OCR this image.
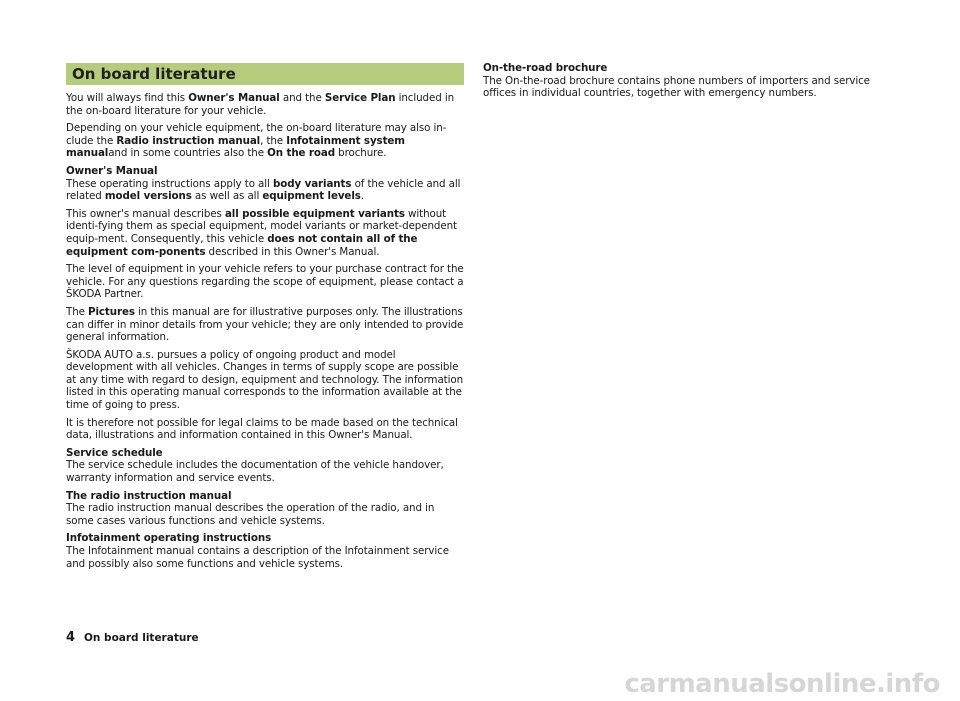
On board literature

You will always find this Owner's Manual and the Service Plan included in the on-board literature for your vehicle.

Depending on your vehicle equipment, the on-board literature may also in-clude the Radio instruction manual, the Infotainment system manualand in some countries also the On the road brochure.

Owner's Manual
These operating instructions apply to all body variants of the vehicle and all related model versions as well as all equipment levels.

This owner's manual describes all possible equipment variants without identi-fying them as special equipment, model variants or market-dependent equip-ment. Consequently, this vehicle does not contain all of the equipment com-ponents described in this Owner's Manual.

The level of equipment in your vehicle refers to your purchase contract for the vehicle. For any questions regarding the scope of equipment, please contact a ŠKODA Partner.

The Pictures in this manual are for illustrative purposes only. The illustrations can differ in minor details from your vehicle; they are only intended to provide general information.

ŠKODA AUTO a.s. pursues a policy of ongoing product and model development with all vehicles. Changes in terms of supply scope are possible at any time with regard to design, equipment and technology. The information listed in this operating manual corresponds to the information available at the time of going to press.

It is therefore not possible for legal claims to be made based on the technical data, illustrations and information contained in this Owner's Manual.

Service schedule
The service schedule includes the documentation of the vehicle handover, warranty information and service events.

The radio instruction manual
The radio instruction manual describes the operation of the radio, and in some cases various functions and vehicle systems.

Infotainment operating instructions
The Infotainment manual contains a description of the Infotainment service and possibly also some functions and vehicle systems.

On-the-road brochure
The On-the-road brochure contains phone numbers of importers and service offices in individual countries, together with emergency numbers.

4 On board literature
carmanualsonline.info
